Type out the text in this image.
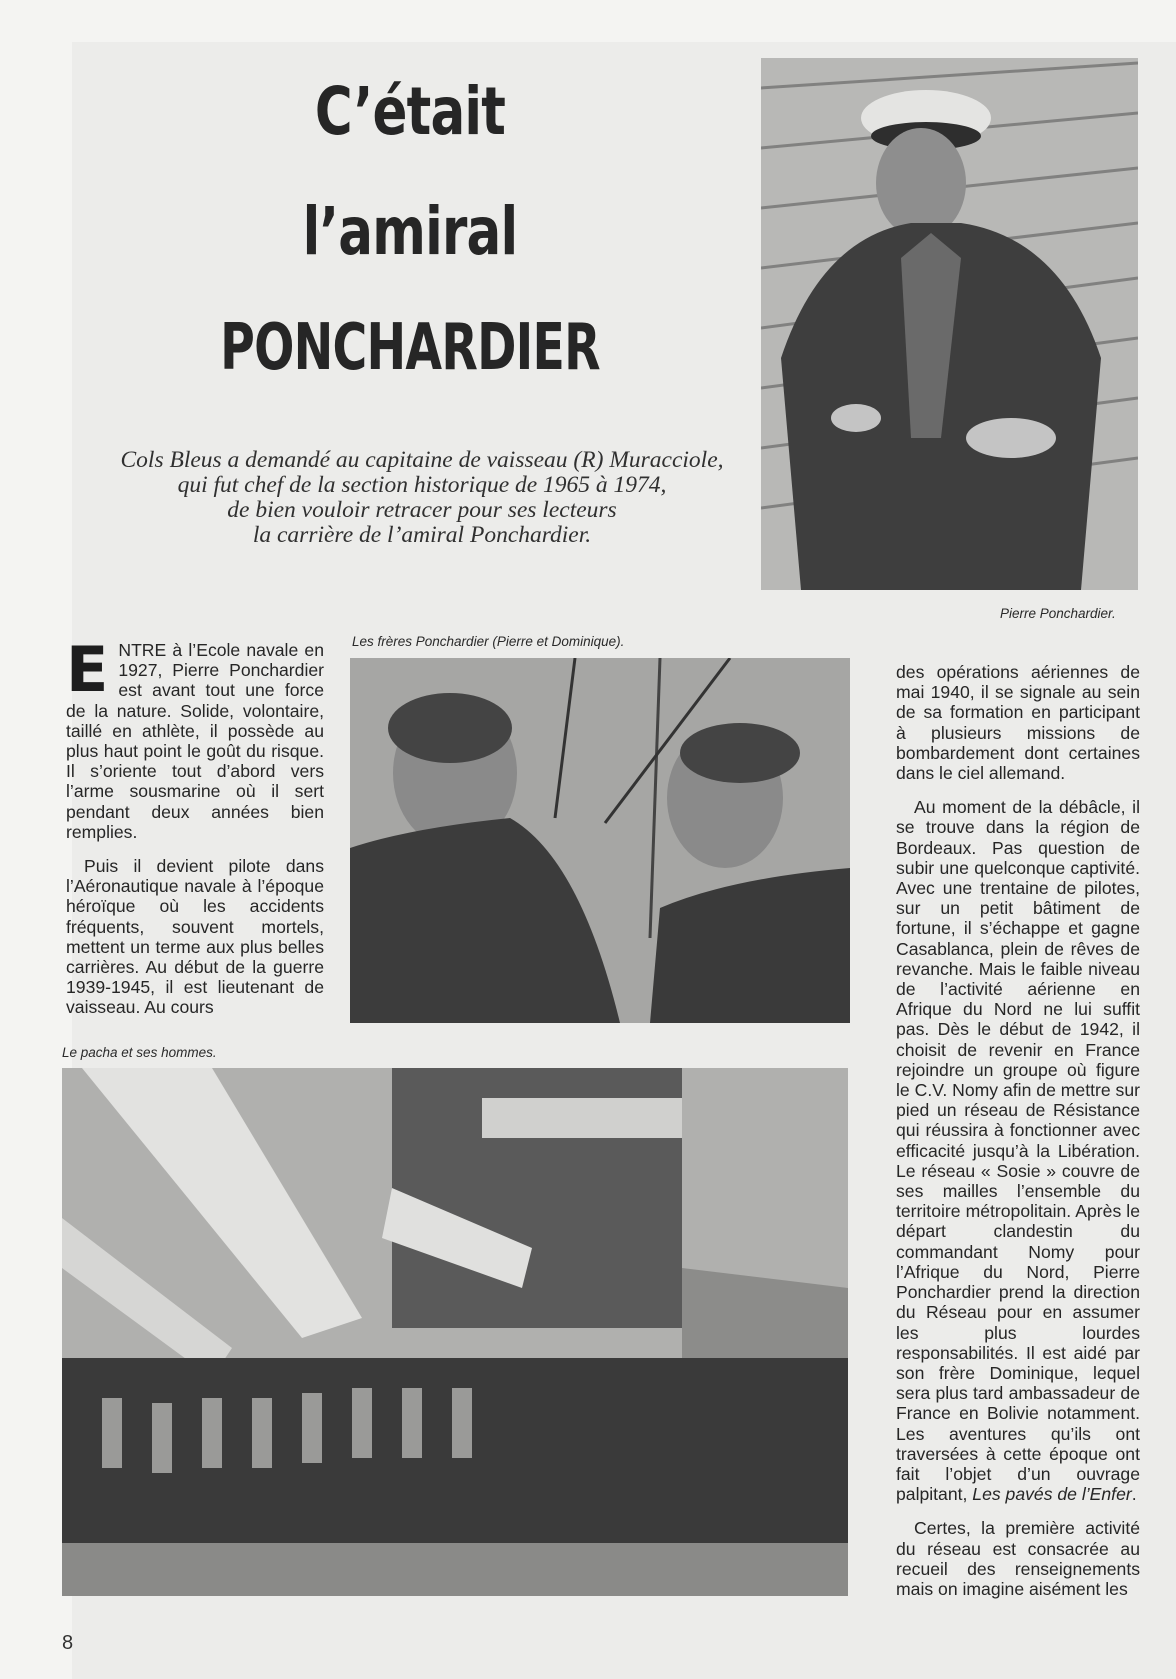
C’était
l’amiral
PONCHARDIER
Cols Bleus a demandé au capitaine de vaisseau (R) Muracciole,
qui fut chef de la section historique de 1965 à 1974,
de bien vouloir retracer pour ses lecteurs
la carrière de l’amiral Ponchardier.
Pierre Ponchardier.
Les frères Ponchardier (Pierre et Dominique).
Le pacha et ses hommes.

ENTRE à l’Ecole navale en 1927, Pierre Ponchardier est avant tout une force de la nature. Solide, volontaire, taillé en athlète, il possède au plus haut point le goût du risque. Il s’oriente tout d’abord vers l’arme sousmarine où il sert pendant deux années bien remplies.

Puis il devient pilote dans l’Aéronautique navale à l’époque héroïque où les accidents fréquents, souvent mortels, mettent un terme aux plus belles carrières. Au début de la guerre 1939-1945, il est lieutenant de vaisseau. Au cours

des opérations aériennes de mai 1940, il se signale au sein de sa formation en participant à plusieurs missions de bombardement dont certaines dans le ciel allemand.

Au moment de la débâcle, il se trouve dans la région de Bordeaux. Pas question de subir une quelconque captivité. Avec une trentaine de pilotes, sur un petit bâtiment de fortune, il s’échappe et gagne Casablanca, plein de rêves de revanche. Mais le faible niveau de l’activité aérienne en Afrique du Nord ne lui suffit pas. Dès le début de 1942, il choisit de revenir en France rejoindre un groupe où figure le C.V. Nomy afin de mettre sur pied un réseau de Résistance qui réussira à fonctionner avec efficacité jusqu’à la Libération. Le réseau « Sosie » couvre de ses mailles l’ensemble du territoire métropolitain. Après le départ clandestin du commandant Nomy pour l’Afrique du Nord, Pierre Ponchardier prend la direction du Réseau pour en assumer les plus lourdes responsabilités. Il est aidé par son frère Dominique, lequel sera plus tard ambassadeur de France en Bolivie notamment. Les aventures qu’ils ont traversées à cette époque ont fait l’objet d’un ouvrage palpitant, Les pavés de l’Enfer.

Certes, la première activité du réseau est consacrée au recueil des renseignements mais on imagine aisément les

8
